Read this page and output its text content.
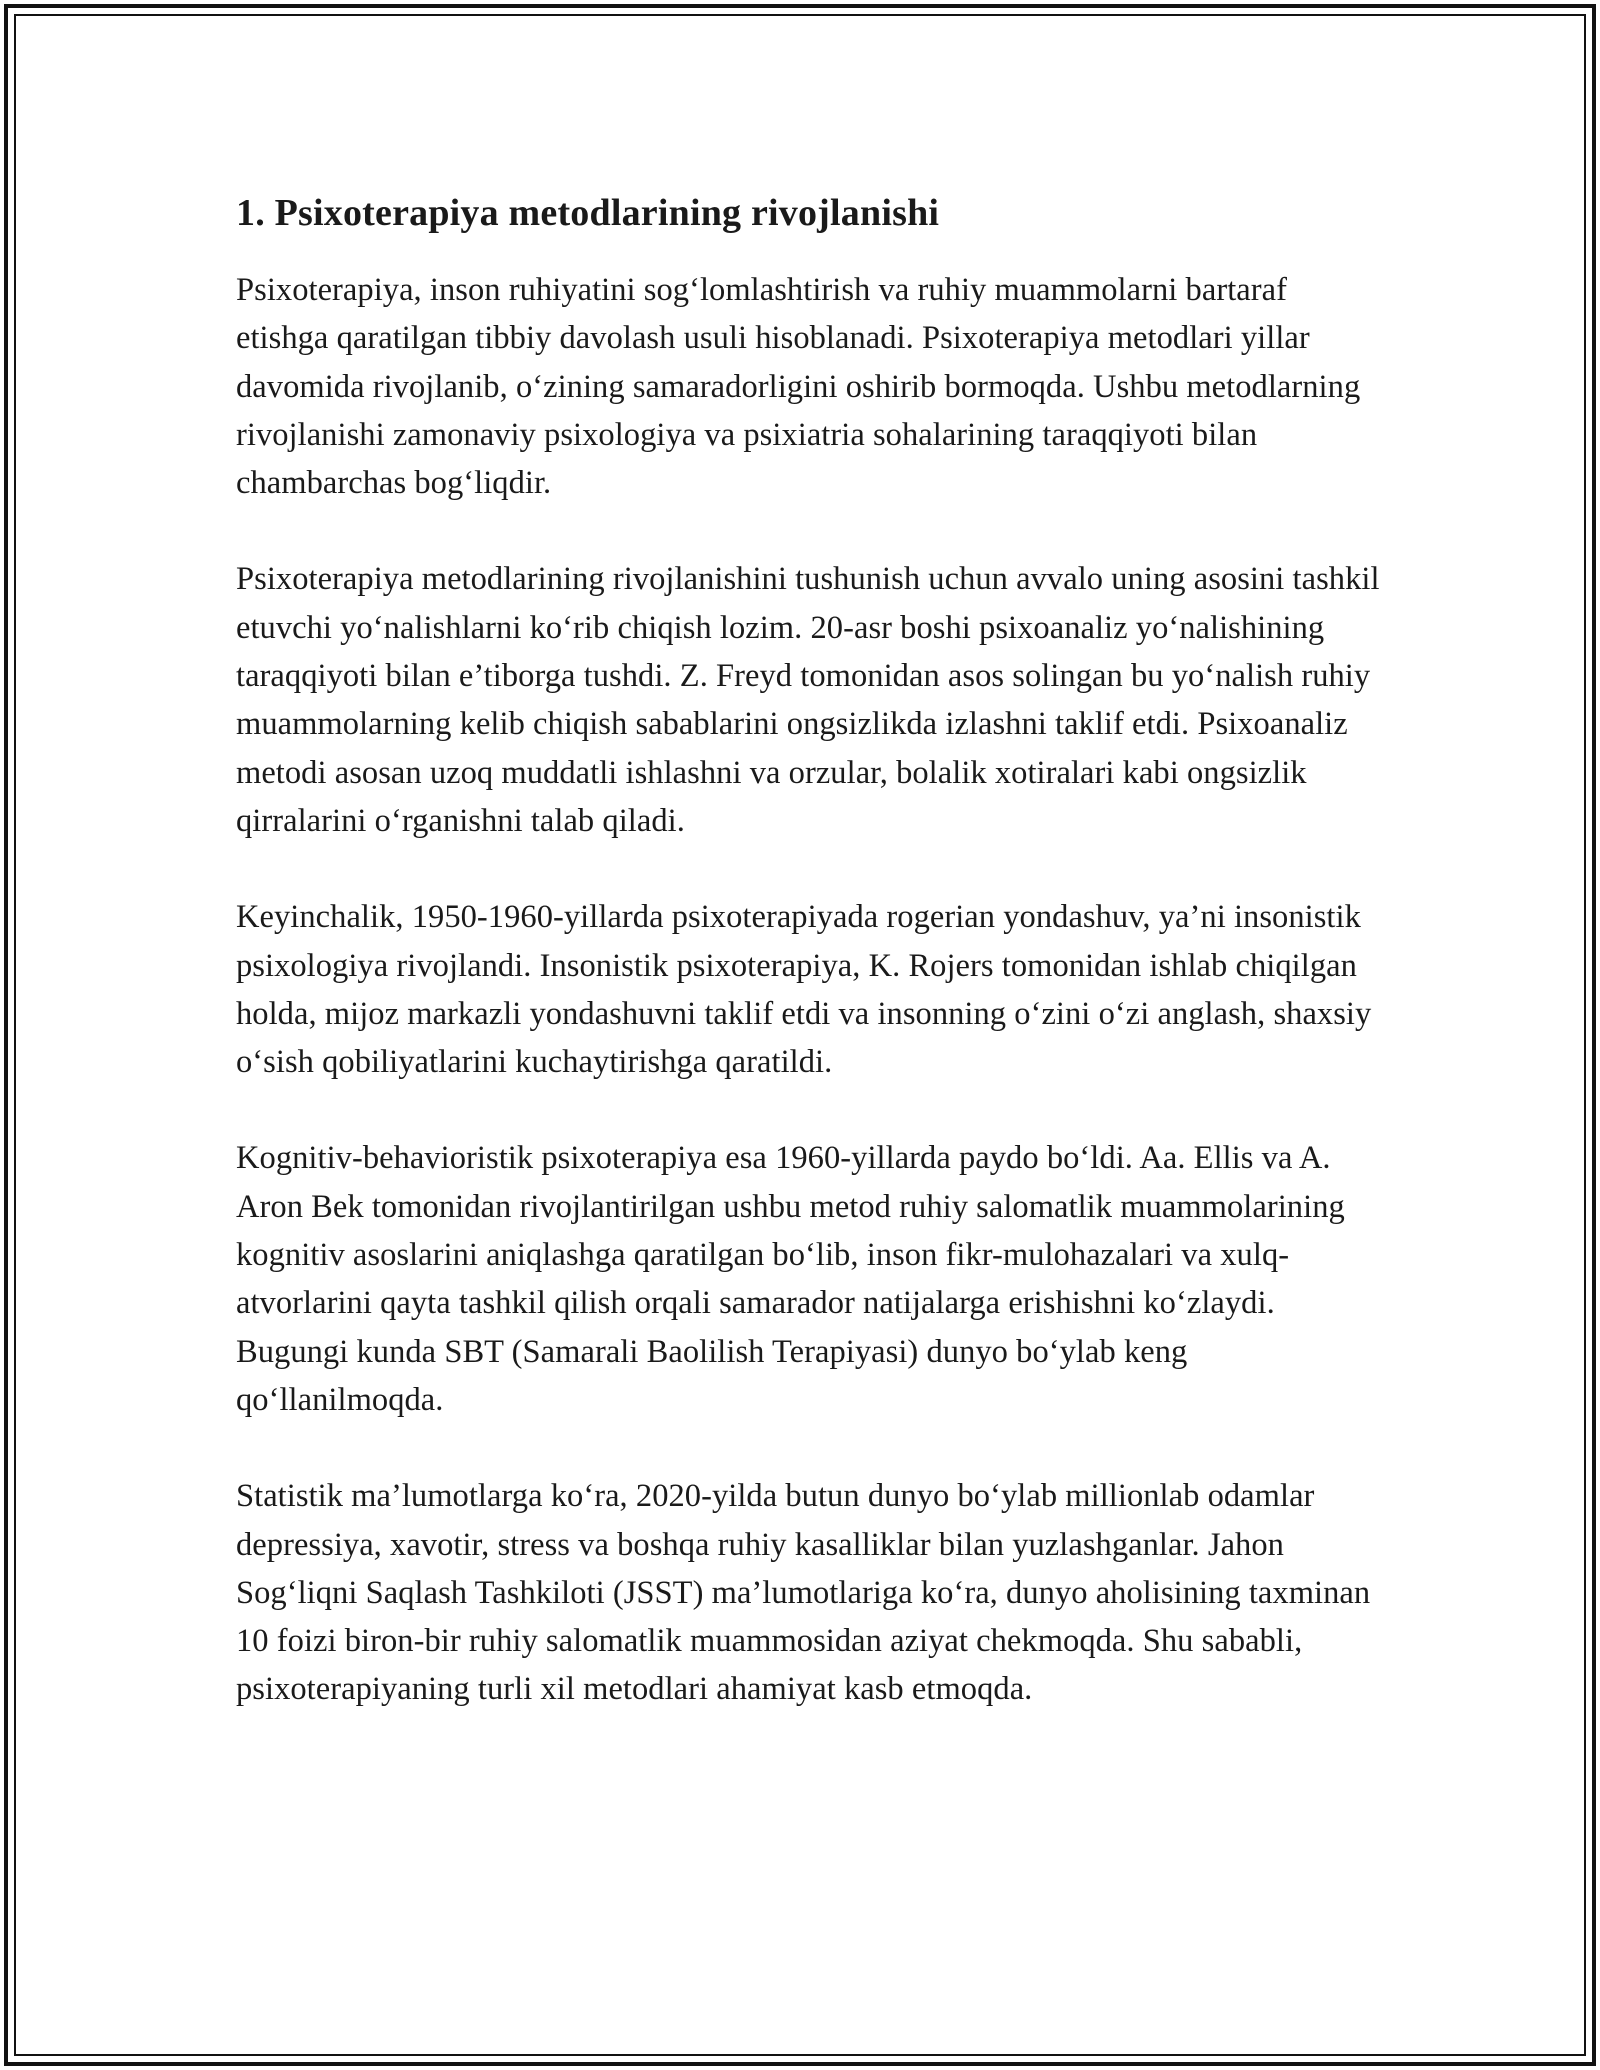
1. Psixoterapiya metodlarining rivojlanishi

Psixoterapiya, inson ruhiyatini sog‘lomlashtirish va ruhiy muammolarni bartaraf etishga qaratilgan tibbiy davolash usuli hisoblanadi. Psixoterapiya metodlari yillar davomida rivojlanib, o‘zining samaradorligini oshirib bormoqda. Ushbu metodlarning rivojlanishi zamonaviy psixologiya va psixiatria sohalarining taraqqiyoti bilan chambarchas bog‘liqdir.

Psixoterapiya metodlarining rivojlanishini tushunish uchun avvalo uning asosini tashkil etuvchi yo‘nalishlarni ko‘rib chiqish lozim. 20-asr boshi psixoanaliz yo‘nalishining taraqqiyoti bilan e’tiborga tushdi. Z. Freyd tomonidan asos solingan bu yo‘nalish ruhiy muammolarning kelib chiqish sabablarini ongsizlikda izlashni taklif etdi. Psixoanaliz metodi asosan uzoq muddatli ishlashni va orzular, bolalik xotiralari kabi ongsizlik qirralarini o‘rganishni talab qiladi.

Keyinchalik, 1950-1960-yillarda psixoterapiyada rogerian yondashuv, ya’ni insonistik psixologiya rivojlandi. Insonistik psixoterapiya, K. Rojers tomonidan ishlab chiqilgan holda, mijoz markazli yondashuvni taklif etdi va insonning o‘zini o‘zi anglash, shaxsiy o‘sish qobiliyatlarini kuchaytirishga qaratildi.

Kognitiv-behavioristik psixoterapiya esa 1960-yillarda paydo bo‘ldi. Aa. Ellis va A. Aron Bek tomonidan rivojlantirilgan ushbu metod ruhiy salomatlik muammolarining kognitiv asoslarini aniqlashga qaratilgan bo‘lib, inson fikr-mulohazalari va xulq-atvorlarini qayta tashkil qilish orqali samarador natijalarga erishishni ko‘zlaydi. Bugungi kunda SBT (Samarali Baolilish Terapiyasi) dunyo bo‘ylab keng qo‘llanilmoqda.

Statistik ma’lumotlarga ko‘ra, 2020-yilda butun dunyo bo‘ylab millionlab odamlar depressiya, xavotir, stress va boshqa ruhiy kasalliklar bilan yuzlashganlar. Jahon Sog‘liqni Saqlash Tashkiloti (JSST) ma’lumotlariga ko‘ra, dunyo aholisining taxminan 10 foizi biron-bir ruhiy salomatlik muammosidan aziyat chekmoqda. Shu sababli, psixoterapiyaning turli xil metodlari ahamiyat kasb etmoqda.
